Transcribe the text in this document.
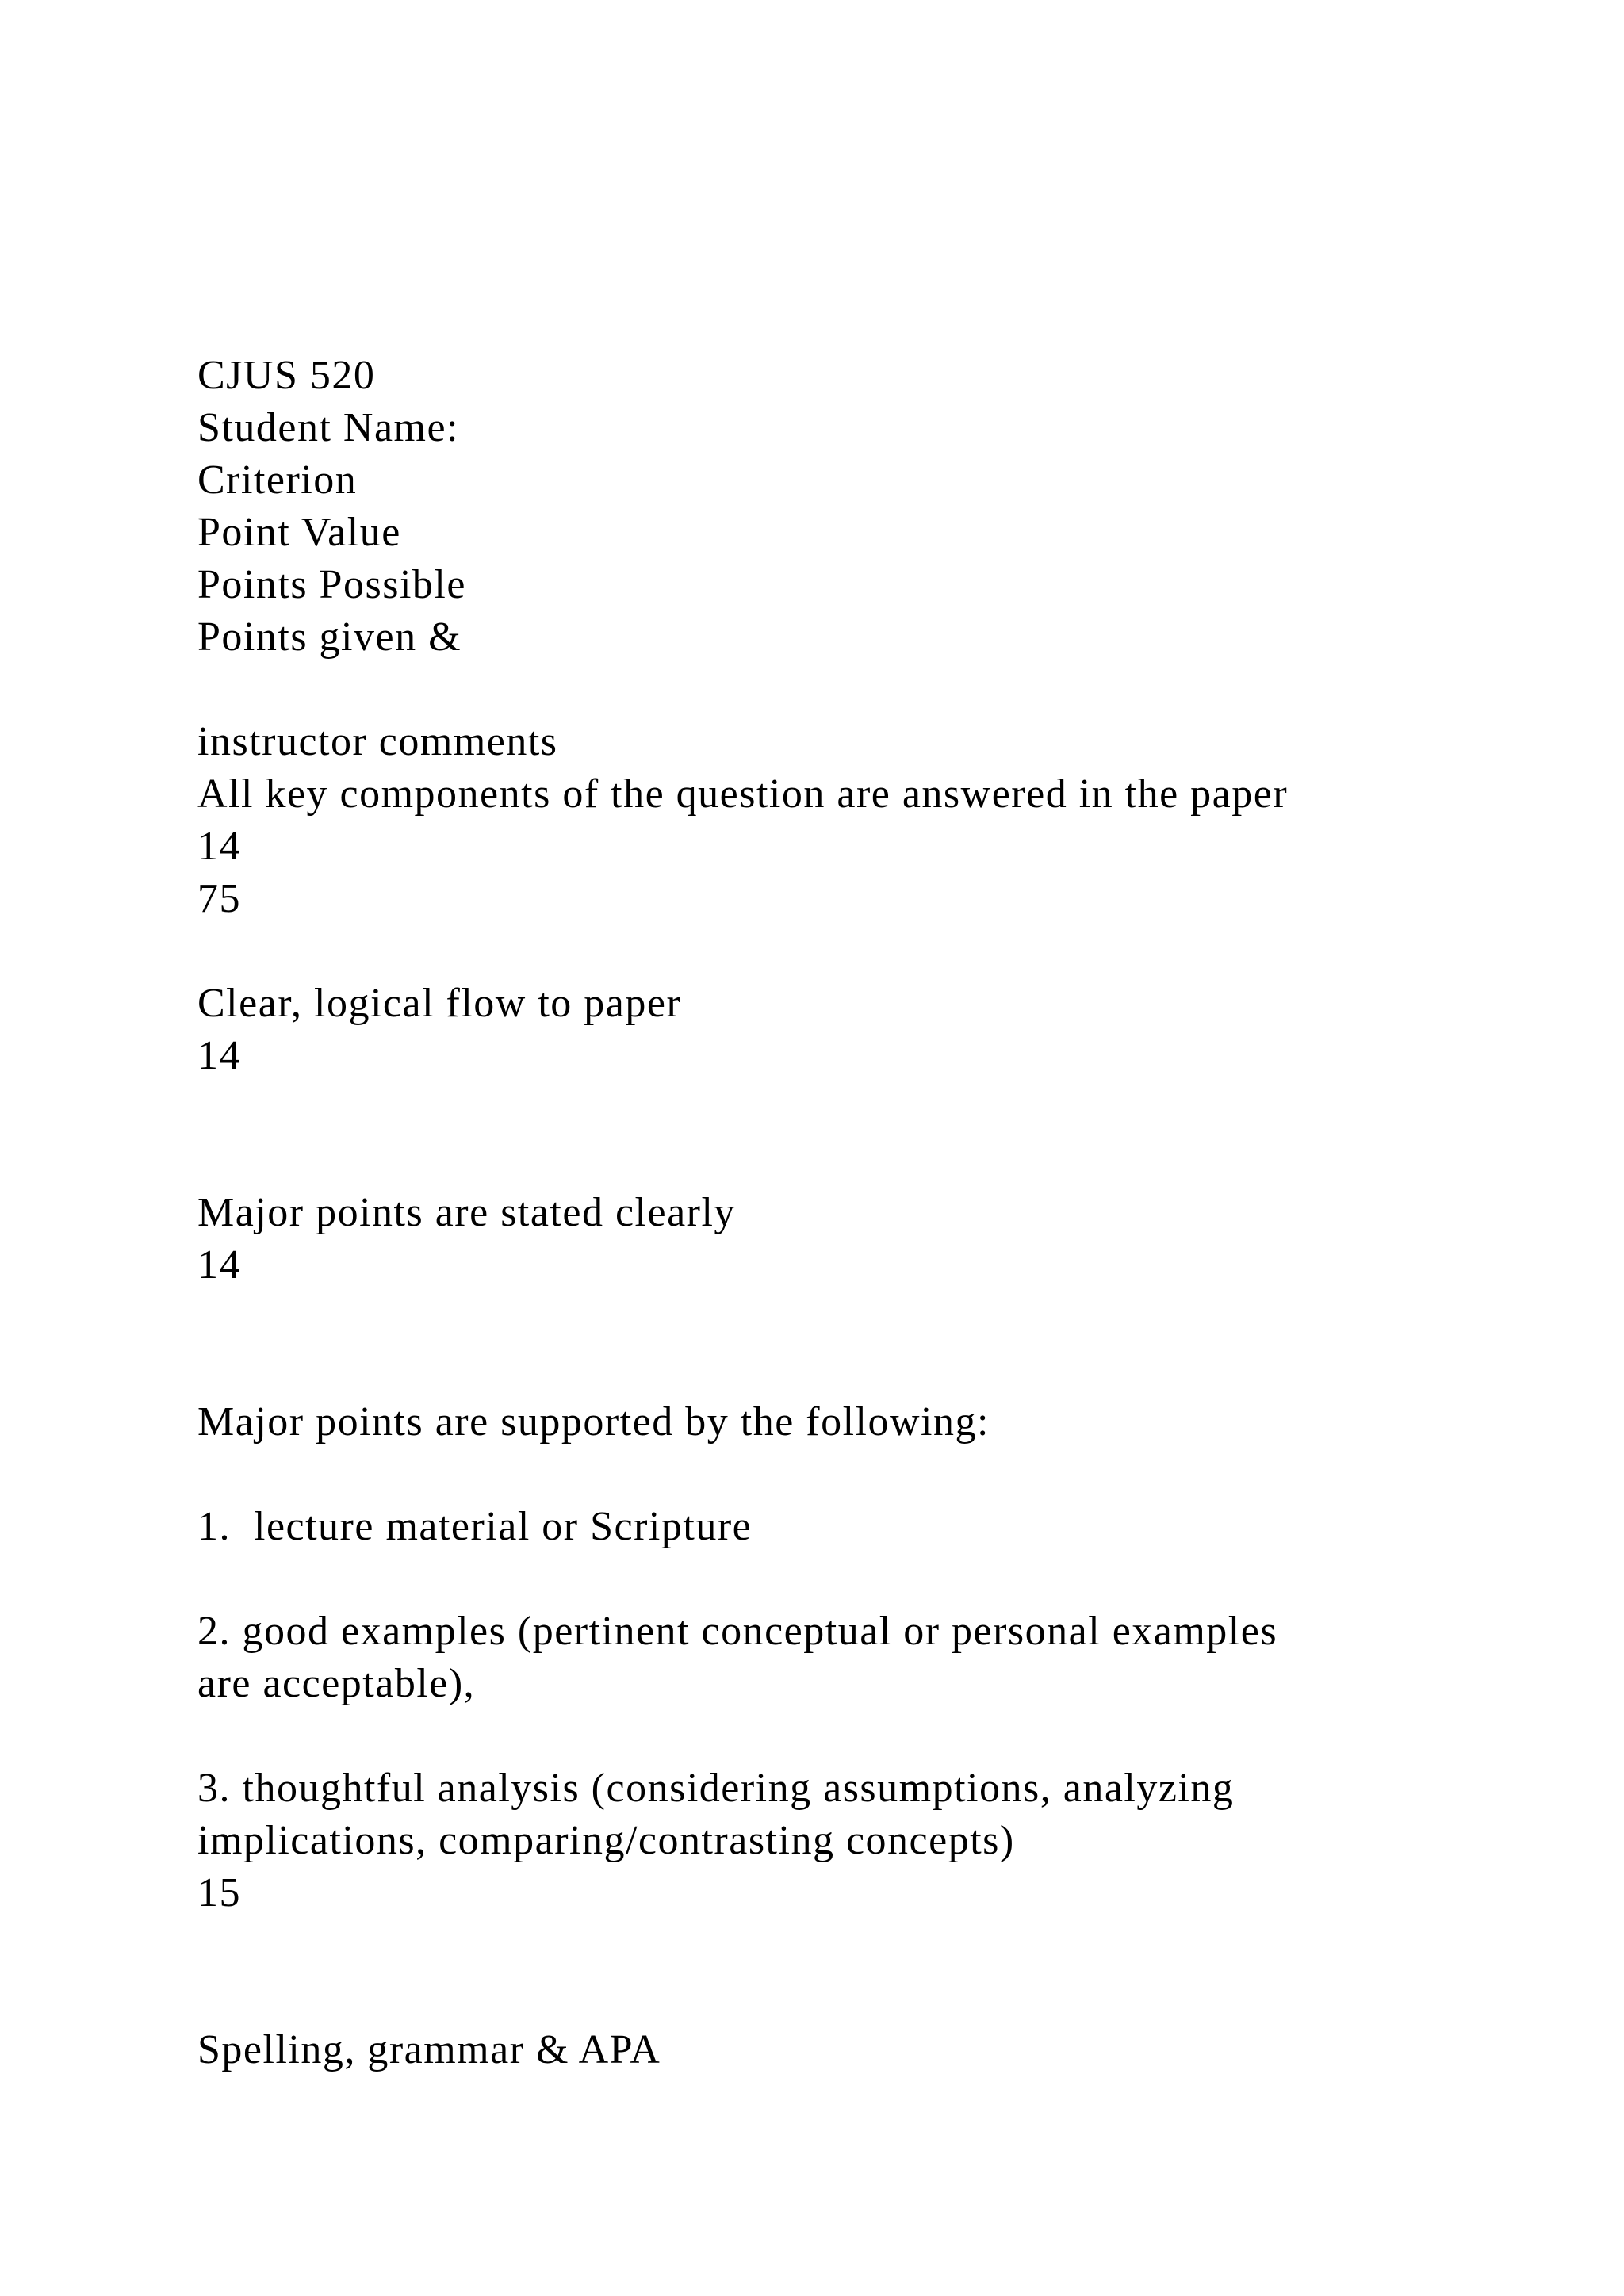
CJUS 520
Student Name:
Criterion
Point Value
Points Possible
Points given &
instructor comments
All key components of the question are answered in the paper
14
75
Clear, logical flow to paper
14
Major points are stated clearly
14
Major points are supported by the following:
1.  lecture material or Scripture
2. good examples (pertinent conceptual or personal examples
are acceptable),
3. thoughtful analysis (considering assumptions, analyzing
implications, comparing/contrasting concepts)
15
Spelling, grammar & APA
